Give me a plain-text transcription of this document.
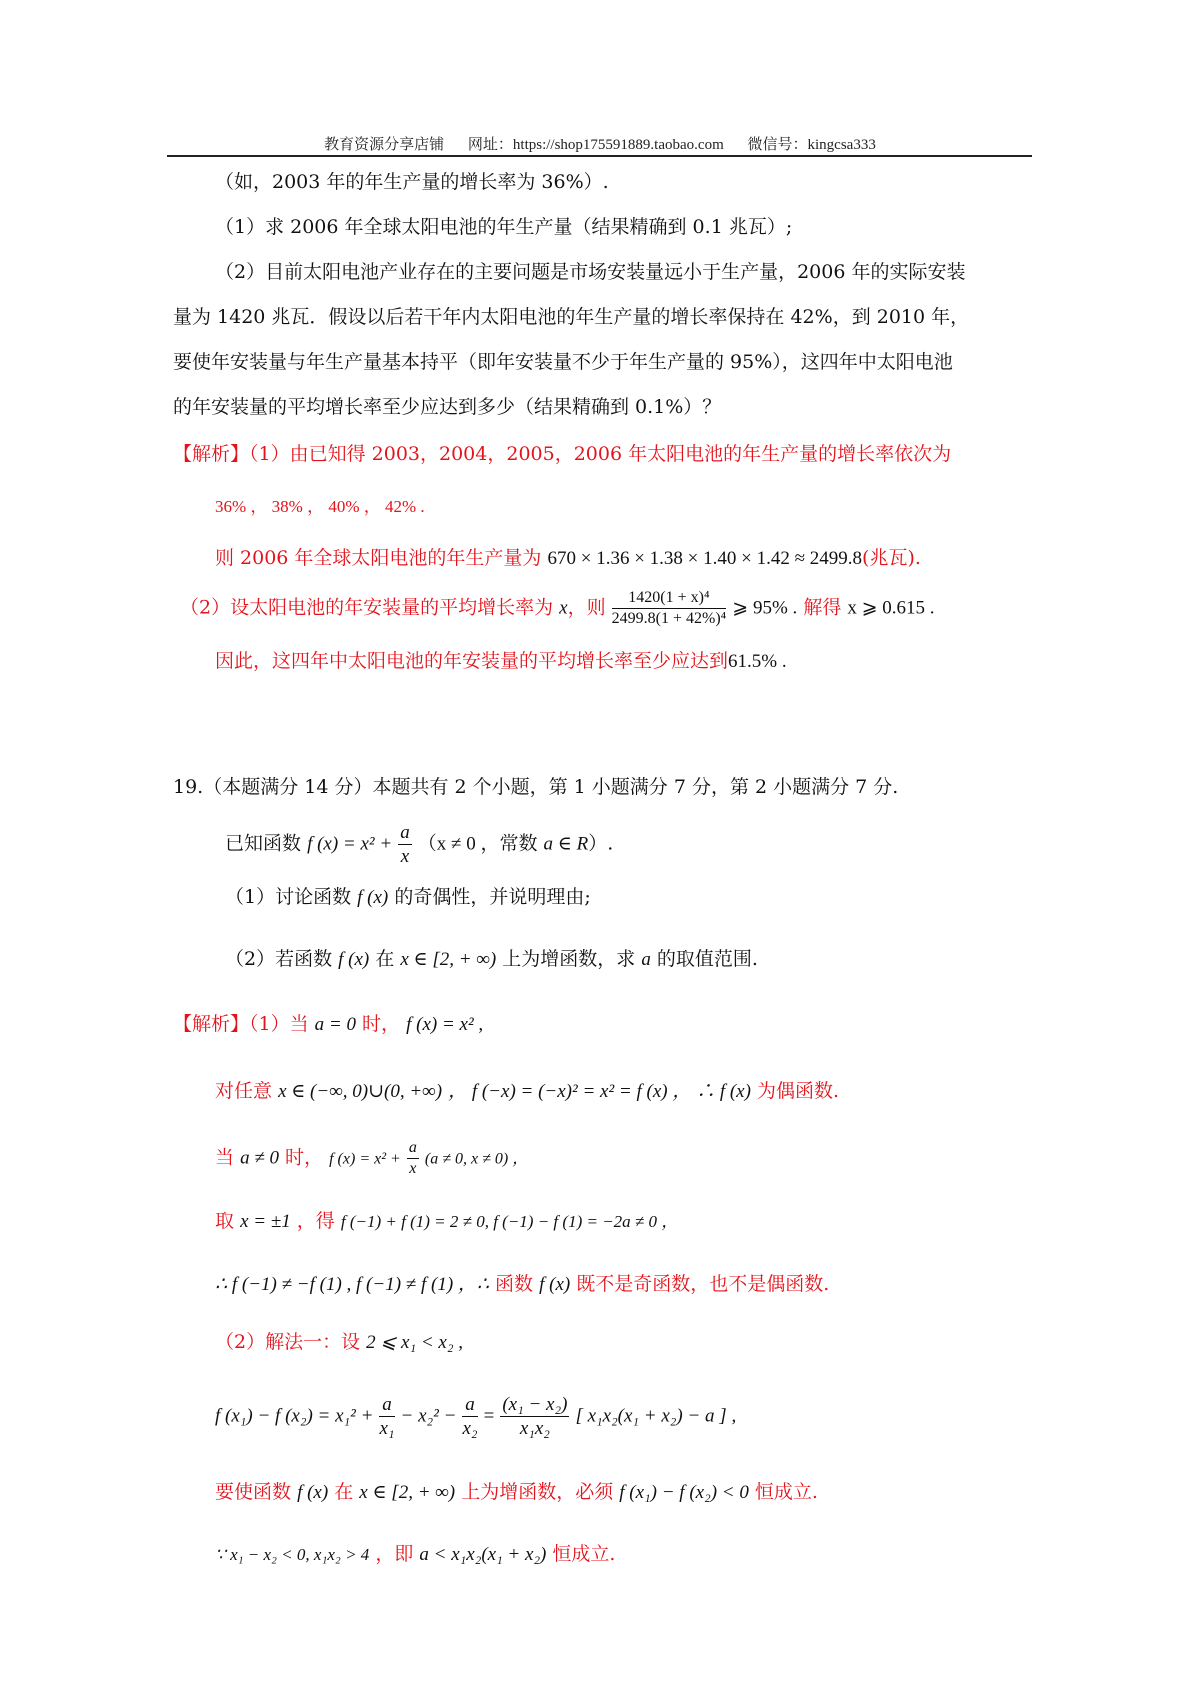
教育资源分享店铺 网址：https://shop175591889.taobao.com 微信号：kingcsa333
（如，2003 年的年生产量的增长率为 36%）.
（1）求 2006 年全球太阳电池的年生产量（结果精确到 0.1 兆瓦）;
（2）目前太阳电池产业存在的主要问题是市场安装量远小于生产量，2006 年的实际安装
量为 1420 兆瓦．假设以后若干年内太阳电池的年生产量的增长率保持在 42%，到 2010 年，
要使年安装量与年生产量基本持平（即年安装量不少于年生产量的 95%），这四年中太阳电池
的年安装量的平均增长率至少应达到多少（结果精确到 0.1%）？
【解析】（1）由已知得 2003，2004，2005，2006 年太阳电池的年生产量的增长率依次为
36% ， 38% ， 40% ， 42% .
则 2006 年全球太阳电池的年生产量为 670 × 1.36 × 1.38 × 1.40 × 1.42 ≈ 2499.8(兆瓦).
（2）设太阳电池的年安装量的平均增长率为 x，则 $\frac{\text{1420(1 + x)⁴}}{\text{2499.8(1 + 42\%)⁴}}$ ⩾ 95% . 解得 x ⩾ 0.615 .
因此，这四年中太阳电池的年安装量的平均增长率至少应达到61.5% .
19.（本题满分 14 分）本题共有 2 个小题，第 1 小题满分 7 分，第 2 小题满分 7 分.
已知函数 f $(x) = x^2 + \frac{a}{x} (x \ne 0$ ，常数 a ∈ R）.
（1）讨论函数 f (x) 的奇偶性，并说明理由;
（2）若函数 f (x) 在 x ∈ [2, + ∞) 上为增函数，求 a 的取值范围.
【解析】（1）当 a = 0 时， f (x) = x² ,
对任意 x ∈ (−∞, 0)∪(0, +∞) ， f (−x) = (−x)² = x² = f (x) ， ∴ f (x) 为偶函数.
当 a ≠ 0 时， f $(x) = x^2 + \frac{a}{x} (a \ne 0$, x ≠ 0) ，
取 x = ±1 ，得 f (−1) + f (1) = 2 ≠ 0, f (−1) − f (1) = −2a ≠ 0 ，
∴ f (−1) ≠ −f (1) , f (−1) ≠ f (1) ，∴ 函数 f (x) 既不是奇函数，也不是偶函数.
（2）解法一：设 2 ⩽ x₁ < x₂ ,
f (x₁) − f $(x_2) = x_1^2 + \frac{a}{\text{x₁}} - x_2^2 - \frac{a}{\text{x₂}} = \frac{\text{(x₁ − x₂)}}{\text{x₁x₂}}$ [ x₁x₂(x₁ + x₂) − a ] ,
要使函数 f (x) 在 x ∈ [2, + ∞) 上为增函数，必须 f (x₁) − f (x₂) < 0 恒成立.
∵ x₁ − x₂ < 0, x₁x₂ > 4 ，即 a < x₁x₂(x₁ + x₂) 恒成立.
